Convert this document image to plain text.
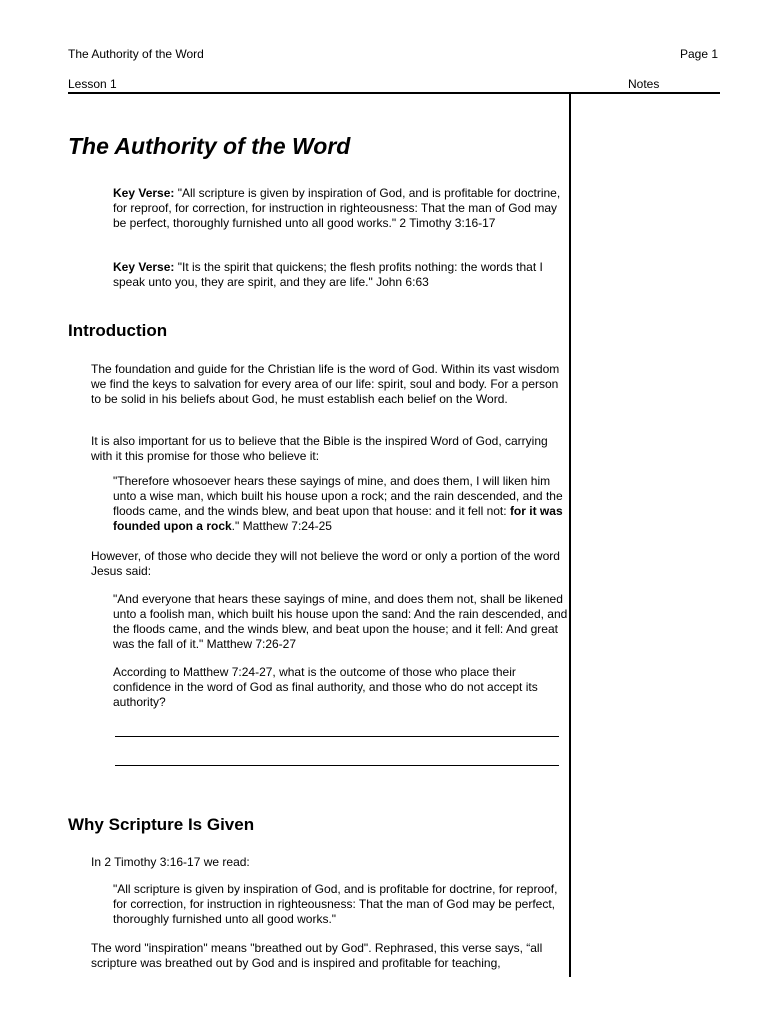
The Authority of the Word	Page 1
Lesson 1	Notes
The Authority of the Word
Key Verse: "All scripture is given by inspiration of God, and is profitable for doctrine, for reproof, for correction, for instruction in righteousness: That the man of God may be perfect, thoroughly furnished unto all good works." 2 Timothy 3:16-17
Key Verse: "It is the spirit that quickens; the flesh profits nothing: the words that I speak unto you, they are spirit, and they are life." John 6:63
Introduction
The foundation and guide for the Christian life is the word of God. Within its vast wisdom we find the keys to salvation for every area of our life: spirit, soul and body. For a person to be solid in his beliefs about God, he must establish each belief on the Word.
It is also important for us to believe that the Bible is the inspired Word of God, carrying with it this promise for those who believe it:
"Therefore whosoever hears these sayings of mine, and does them, I will liken him unto a wise man, which built his house upon a rock; and the rain descended, and the floods came, and the winds blew, and beat upon that house: and it fell not: for it was founded upon a rock." Matthew 7:24-25
However, of those who decide they will not believe the word or only a portion of the word Jesus said:
"And everyone that hears these sayings of mine, and does them not, shall be likened unto a foolish man, which built his house upon the sand: And the rain descended, and the floods came, and the winds blew, and beat upon the house; and it fell: And great was the fall of it." Matthew 7:26-27
According to Matthew 7:24-27, what is the outcome of those who place their confidence in the word of God as final authority, and those who do not accept its authority?
Why Scripture Is Given
In 2 Timothy 3:16-17 we read:
"All scripture is given by inspiration of God, and is profitable for doctrine, for reproof, for correction, for instruction in righteousness: That the man of God may be perfect, thoroughly furnished unto all good works."
The word "inspiration" means "breathed out by God". Rephrased, this verse says, “all scripture was breathed out by God and is inspired and profitable for teaching,
